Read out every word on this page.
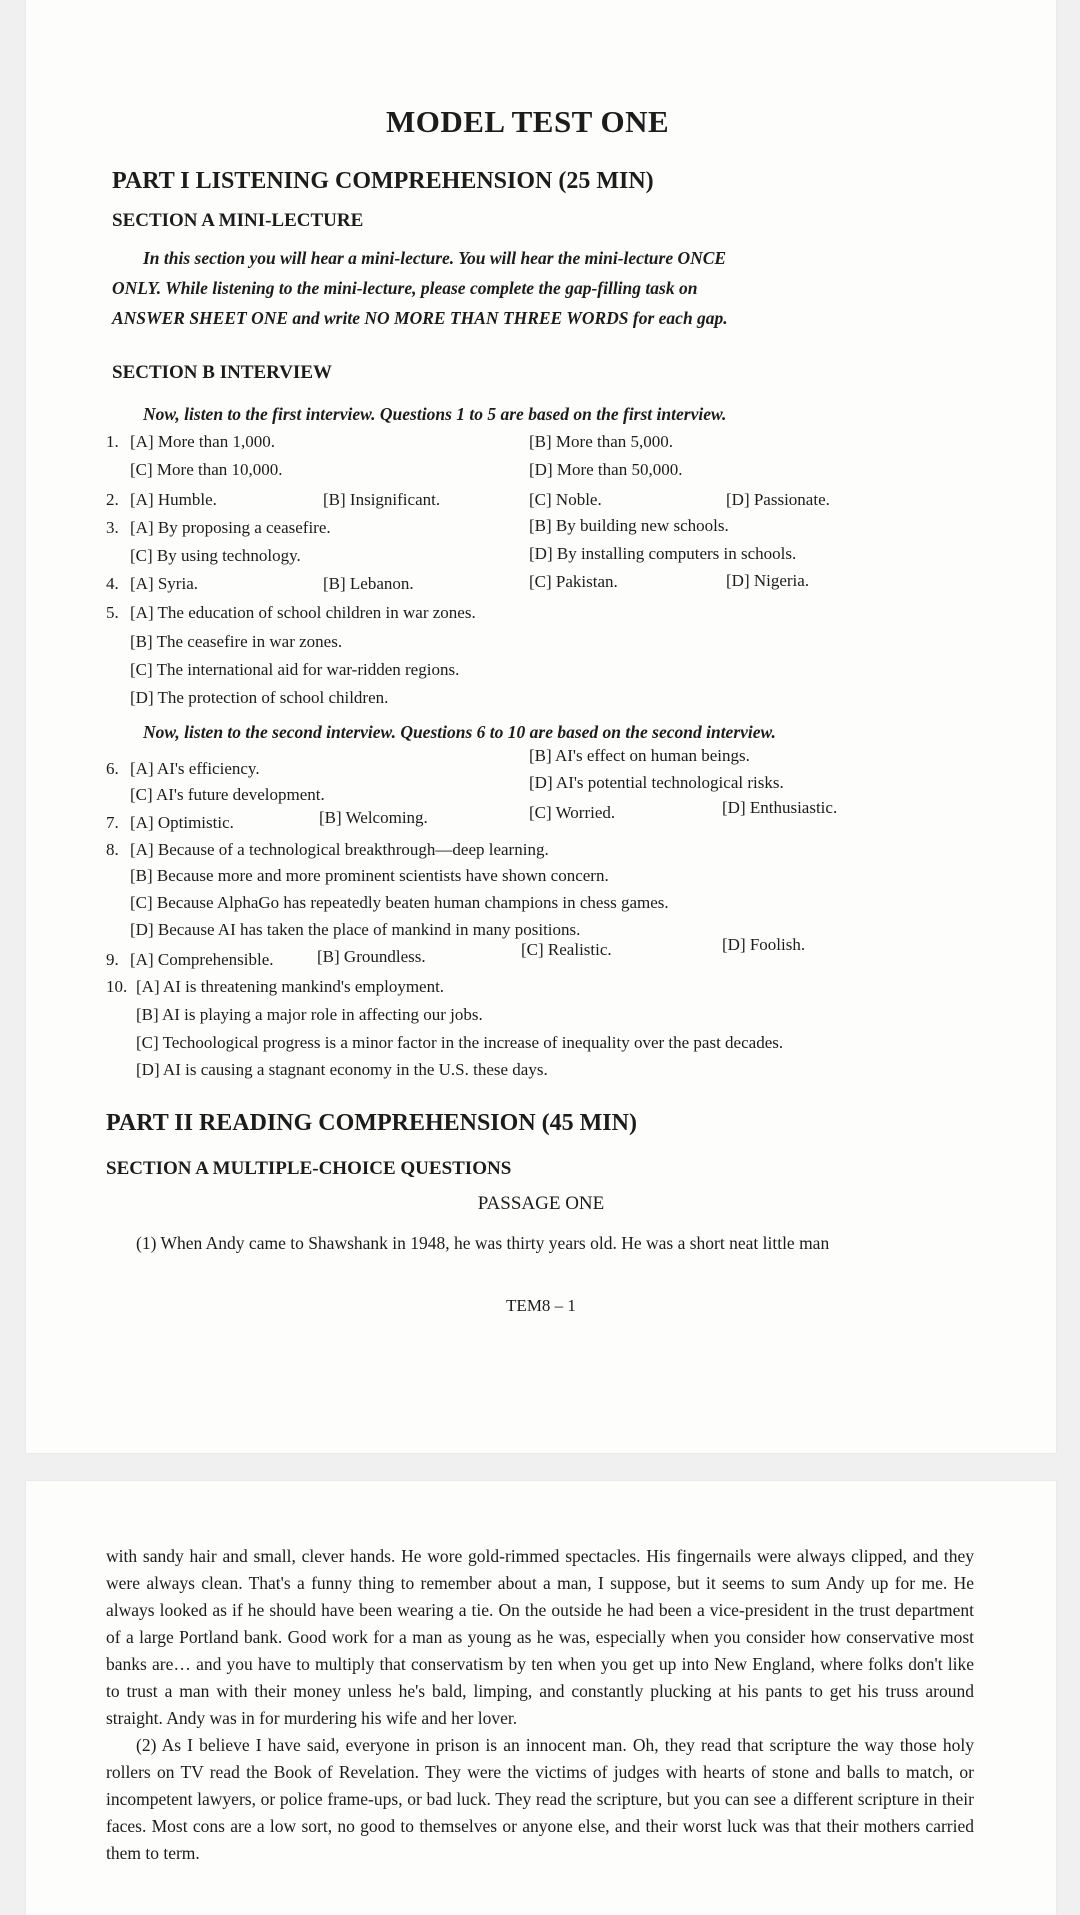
MODEL TEST ONE
PART I LISTENING COMPREHENSION (25 MIN)
SECTION A MINI-LECTURE
In this section you will hear a mini-lecture. You will hear the mini-lecture ONCE
ONLY. While listening to the mini-lecture, please complete the gap-filling task on
ANSWER SHEET ONE and write NO MORE THAN THREE WORDS for each gap.
SECTION B INTERVIEW
Now, listen to the first interview. Questions 1 to 5 are based on the first interview.
1. [A] More than 1,000.	[B] More than 5,000.
[C] More than 10,000.	[D] More than 50,000.
2. [A] Humble.	[B] Insignificant.	[C] Noble.	[D] Passionate.
3. [A] By proposing a ceasefire.	[B] By building new schools.
[C] By using technology.	[D] By installing computers in schools.
4. [A] Syria.	[B] Lebanon.	[C] Pakistan.	[D] Nigeria.
5. [A] The education of school children in war zones.
[B] The ceasefire in war zones.
[C] The international aid for war-ridden regions.
[D] The protection of school children.
Now, listen to the second interview. Questions 6 to 10 are based on the second interview.
6. [A] AI's efficiency.
[B] AI's effect on human beings.
[C] AI's future development.
[D] AI's potential technological risks.
7. [A] Optimistic.	[B] Welcoming.	[C] Worried.	[D] Enthusiastic.
8. [A] Because of a technological breakthrough—deep learning.
[B] Because more and more prominent scientists have shown concern.
[C] Because AlphaGo has repeatedly beaten human champions in chess games.
[D] Because AI has taken the place of mankind in many positions.
9. [A] Comprehensible.	[B] Groundless.	[C] Realistic.	[D] Foolish.
10. [A] AI is threatening mankind's employment.
[B] AI is playing a major role in affecting our jobs.
[C] Techoological progress is a minor factor in the increase of inequality over the past decades.
[D] AI is causing a stagnant economy in the U.S. these days.
PART II READING COMPREHENSION (45 MIN)
SECTION A MULTIPLE-CHOICE QUESTIONS
PASSAGE ONE
(1) When Andy came to Shawshank in 1948, he was thirty years old. He was a short neat little man
TEM8 – 1

with sandy hair and small, clever hands. He wore gold-rimmed spectacles. His fingernails were always clipped, and they were always clean. That's a funny thing to remember about a man, I suppose, but it seems to sum Andy up for me. He always looked as if he should have been wearing a tie. On the outside he had been a vice-president in the trust department of a large Portland bank. Good work for a man as young as he was, especially when you consider how conservative most banks are… and you have to multiply that conservatism by ten when you get up into New England, where folks don't like to trust a man with their money unless he's bald, limping, and constantly plucking at his pants to get his truss around straight. Andy was in for murdering his wife and her lover.

(2) As I believe I have said, everyone in prison is an innocent man. Oh, they read that scripture the way those holy rollers on TV read the Book of Revelation. They were the victims of judges with hearts of stone and balls to match, or incompetent lawyers, or police frame-ups, or bad luck. They read the scripture, but you can see a different scripture in their faces. Most cons are a low sort, no good to themselves or anyone else, and their worst luck was that their mothers carried them to term.
